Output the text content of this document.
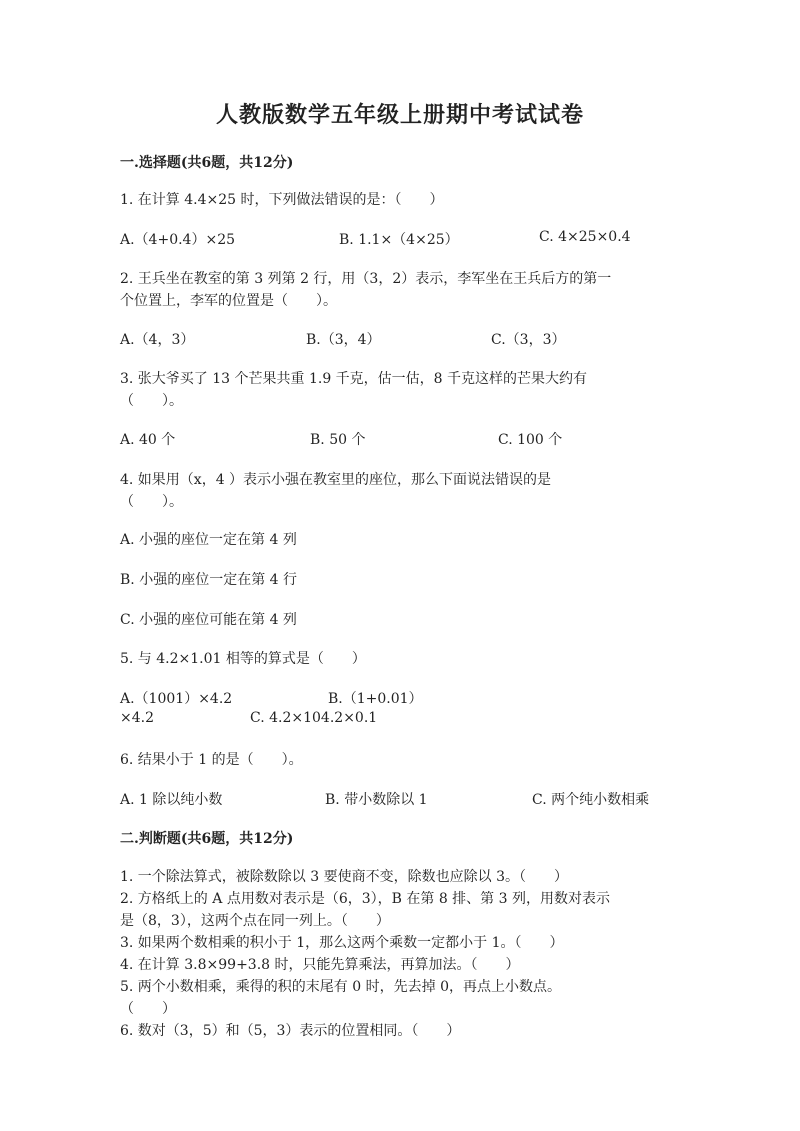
人教版数学五年级上册期中考试试卷
一.选择题(共6题，共12分)
1. 在计算 4.4×25 时，下列做法错误的是：（　　）
A.（4+0.4）×25	B. 1.1×（4×25）	C. 4×25×0.4
2. 王兵坐在教室的第 3 列第 2 行，用（3，2）表示，李军坐在王兵后方的第一
个位置上，李军的位置是（　　）。
A.（4，3）	B.（3，4）	C.（3，3）
3. 张大爷买了 13 个芒果共重 1.9 千克，估一估，8 千克这样的芒果大约有
（　　）。
A. 40 个	B. 50 个	C. 100 个
4. 如果用（x，4 ）表示小强在教室里的座位，那么下面说法错误的是
（　　）。
A. 小强的座位一定在第 4 列
B. 小强的座位一定在第 4 行
C. 小强的座位可能在第 4 列
5. 与 4.2×1.01 相等的算式是（　　）
A.（1001）×4.2	B.（1+0.01）
×4.2	C. 4.2×104.2×0.1
6. 结果小于 1 的是（　　）。
A. 1 除以纯小数	B. 带小数除以 1	C. 两个纯小数相乘
二.判断题(共6题，共12分)
1. 一个除法算式，被除数除以 3 要使商不变，除数也应除以 3。（　　）
2. 方格纸上的 A 点用数对表示是（6，3），B 在第 8 排、第 3 列，用数对表示
是（8，3），这两个点在同一列上。（　　）
3. 如果两个数相乘的积小于 1，那么这两个乘数一定都小于 1。（　　）
4. 在计算 3.8×99+3.8 时，只能先算乘法，再算加法。（　　）
5. 两个小数相乘，乘得的积的末尾有 0 时，先去掉 0，再点上小数点。
（　　）
6. 数对（3，5）和（5，3）表示的位置相同。（　　）
